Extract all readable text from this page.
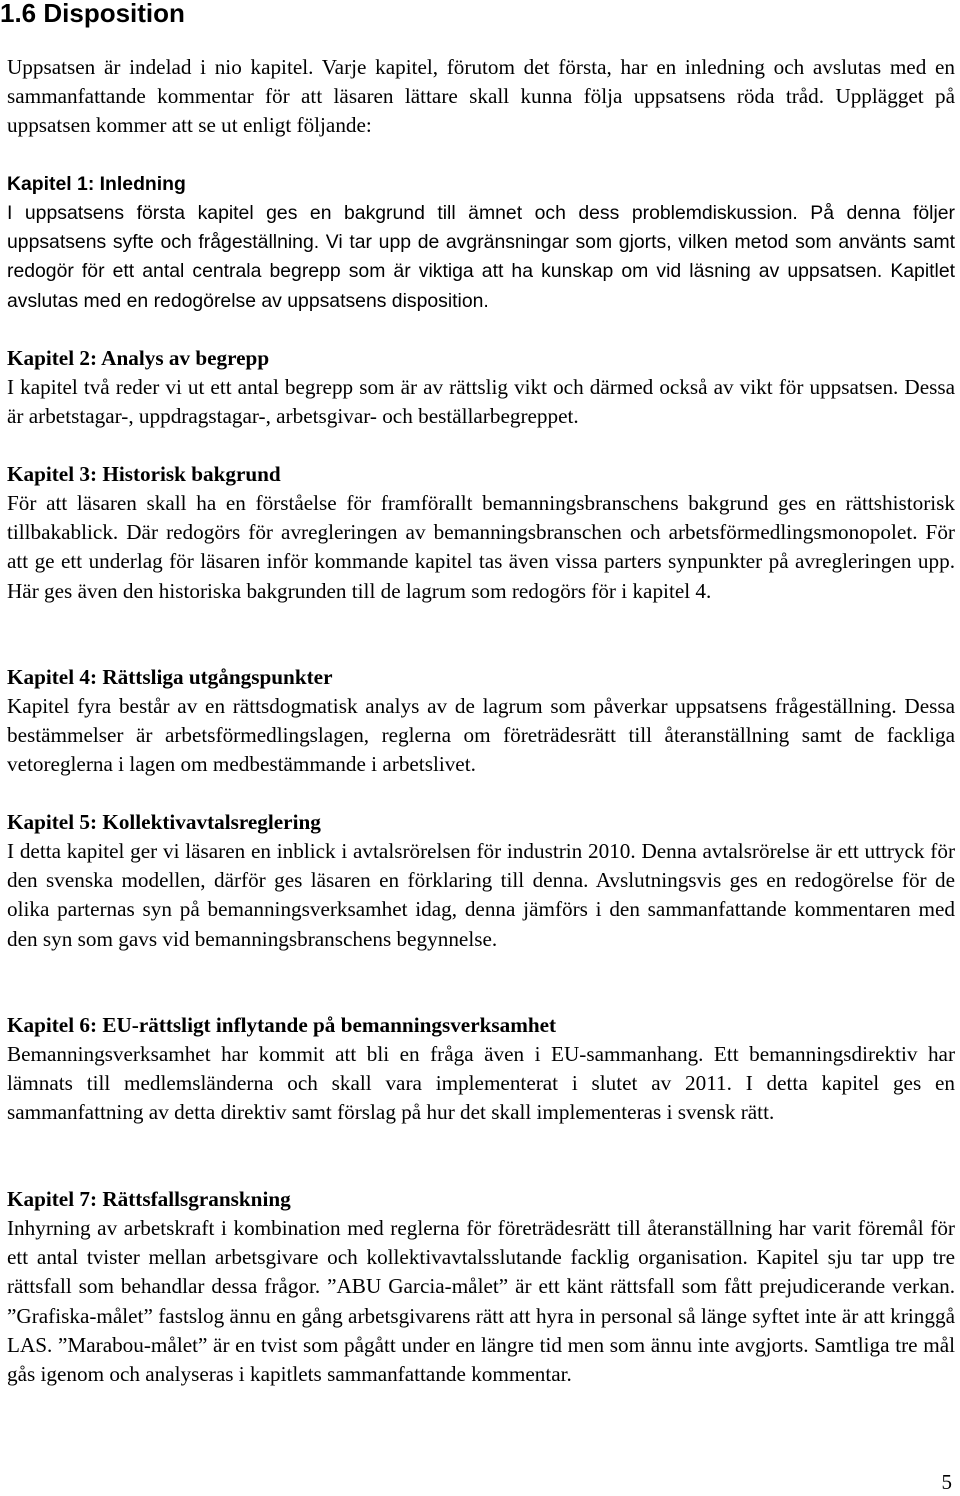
1.6 Disposition

Uppsatsen är indelad i nio kapitel. Varje kapitel, förutom det första, har en inledning och avslutas med en sammanfattande kommentar för att läsaren lättare skall kunna följa uppsatsens röda tråd. Upplägget på uppsatsen kommer att se ut enligt följande:

Kapitel 1: Inledning

I uppsatsens första kapitel ges en bakgrund till ämnet och dess problemdiskussion. På denna följer uppsatsens syfte och frågeställning. Vi tar upp de avgränsningar som gjorts, vilken metod som använts samt redogör för ett antal centrala begrepp som är viktiga att ha kunskap om vid läsning av uppsatsen. Kapitlet avslutas med en redogörelse av uppsatsens disposition.

Kapitel 2: Analys av begrepp

I kapitel två reder vi ut ett antal begrepp som är av rättslig vikt och därmed också av vikt för uppsatsen. Dessa är arbetstagar-, uppdragstagar-, arbetsgivar- och beställarbegreppet.

Kapitel 3: Historisk bakgrund

För att läsaren skall ha en förståelse för framförallt bemanningsbranschens bakgrund ges en rättshistorisk tillbakablick. Där redogörs för avregleringen av bemanningsbranschen och arbetsförmedlingsmonopolet. För att ge ett underlag för läsaren inför kommande kapitel tas även vissa parters synpunkter på avregleringen upp. Här ges även den historiska bakgrunden till de lagrum som redogörs för i kapitel 4.

Kapitel 4: Rättsliga utgångspunkter

Kapitel fyra består av en rättsdogmatisk analys av de lagrum som påverkar uppsatsens frågeställning. Dessa bestämmelser är arbetsförmedlingslagen, reglerna om företrädesrätt till återanställning samt de fackliga vetoreglerna i lagen om medbestämmande i arbetslivet.

Kapitel 5: Kollektivavtalsreglering

I detta kapitel ger vi läsaren en inblick i avtalsrörelsen för industrin 2010. Denna avtalsrörelse är ett uttryck för den svenska modellen, därför ges läsaren en förklaring till denna. Avslutningsvis ges en redogörelse för de olika parternas syn på bemanningsverksamhet idag, denna jämförs i den sammanfattande kommentaren med den syn som gavs vid bemanningsbranschens begynnelse.

Kapitel 6: EU-rättsligt inflytande på bemanningsverksamhet

Bemanningsverksamhet har kommit att bli en fråga även i EU-sammanhang. Ett bemanningsdirektiv har lämnats till medlemsländerna och skall vara implementerat i slutet av 2011. I detta kapitel ges en sammanfattning av detta direktiv samt förslag på hur det skall implementeras i svensk rätt.

Kapitel 7: Rättsfallsgranskning

Inhyrning av arbetskraft i kombination med reglerna för företrädesrätt till återanställning har varit föremål för ett antal tvister mellan arbetsgivare och kollektivavtalsslutande facklig organisation. Kapitel sju tar upp tre rättsfall som behandlar dessa frågor. ”ABU Garcia-målet” är ett känt rättsfall som fått prejudicerande verkan. ”Grafiska-målet” fastslog ännu en gång arbetsgivarens rätt att hyra in personal så länge syftet inte är att kringgå LAS. ”Marabou-målet” är en tvist som pågått under en längre tid men som ännu inte avgjorts. Samtliga tre mål gås igenom och analyseras i kapitlets sammanfattande kommentar.

5
